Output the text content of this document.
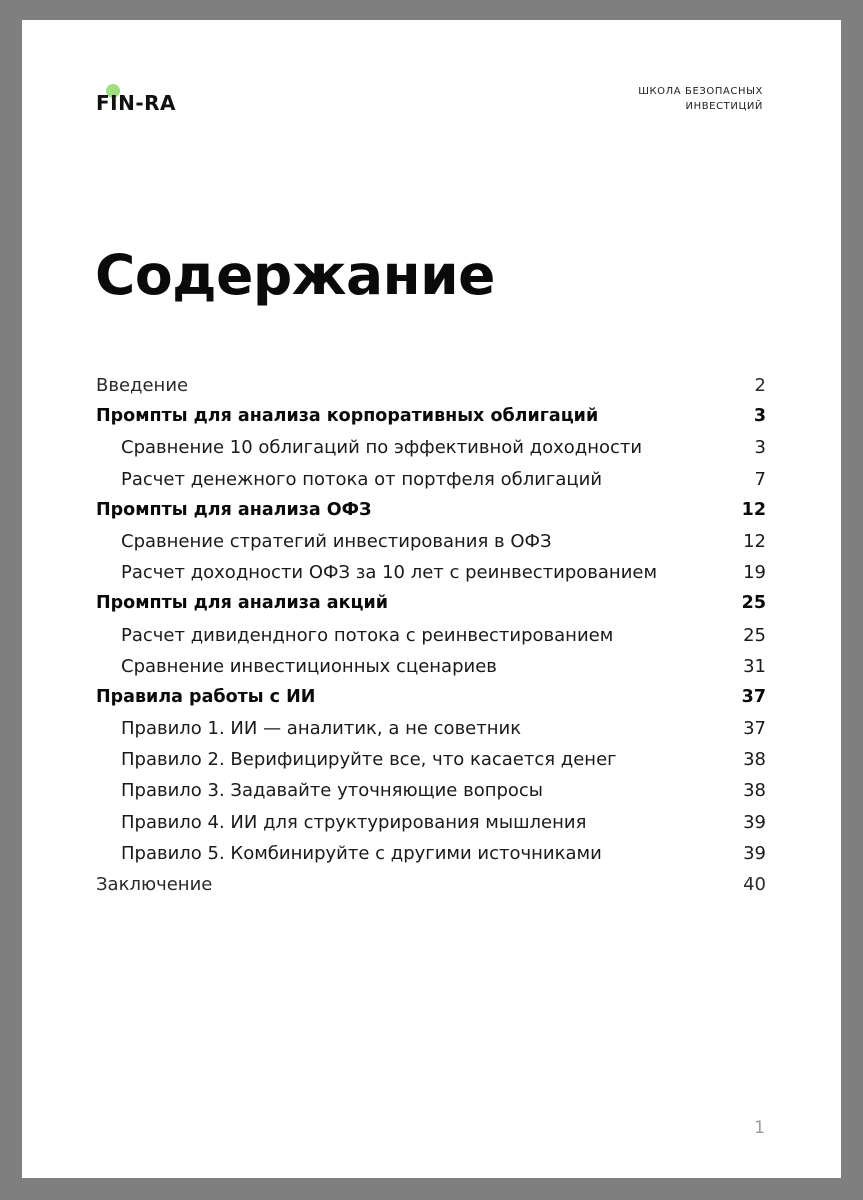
FIN-RA	ШКОЛА БЕЗОПАСНЫХ
ИНВЕСТИЦИЙ
Содержание
Введение	2
Промпты для анализа корпоративных облигаций	3
Сравнение 10 облигаций по эффективной доходности	3
Расчет денежного потока от портфеля облигаций	7
Промпты для анализа ОФЗ	12
Сравнение стратегий инвестирования в ОФЗ	12
Расчет доходности ОФЗ за 10 лет с реинвестированием	19
Промпты для анализа акций	25
Расчет дивидендного потока с реинвестированием	25
Сравнение инвестиционных сценариев	31
Правила работы с ИИ	37
Правило 1. ИИ — аналитик, а не советник	37
Правило 2. Верифицируйте все, что касается денег	38
Правило 3. Задавайте уточняющие вопросы	38
Правило 4. ИИ для структурирования мышления	39
Правило 5. Комбинируйте с другими источниками	39
Заключение	40
1
